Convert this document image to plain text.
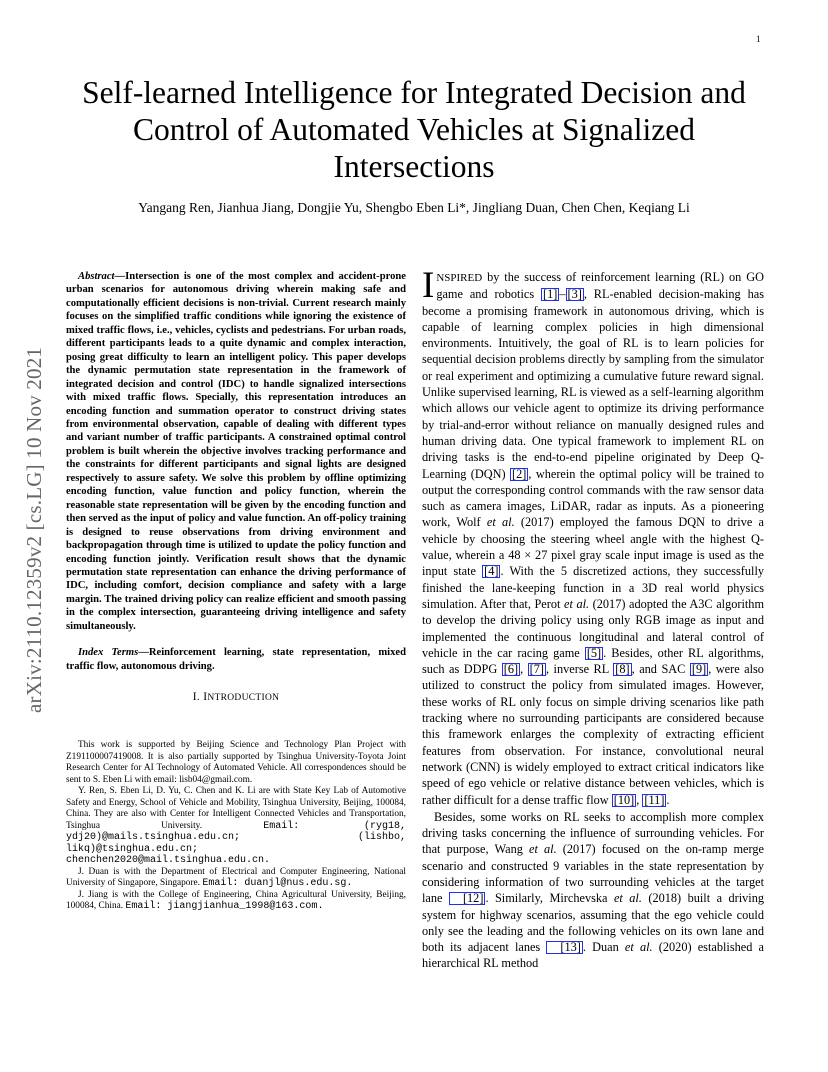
1
arXiv:2110.12359v2 [cs.LG] 10 Nov 2021
Self-learned Intelligence for Integrated Decision and Control of Automated Vehicles at Signalized Intersections
Yangang Ren, Jianhua Jiang, Dongjie Yu, Shengbo Eben Li*, Jingliang Duan, Chen Chen, Keqiang Li

Abstract—Intersection is one of the most complex and accident-prone urban scenarios for autonomous driving wherein making safe and computationally efficient decisions is non-trivial. Current research mainly focuses on the simplified traffic conditions while ignoring the existence of mixed traffic flows, i.e., vehicles, cyclists and pedestrians. For urban roads, different participants leads to a quite dynamic and complex interaction, posing great difficulty to learn an intelligent policy. This paper develops the dynamic permutation state representation in the framework of integrated decision and control (IDC) to handle signalized intersections with mixed traffic flows. Specially, this representation introduces an encoding function and summation operator to construct driving states from environmental observation, capable of dealing with different types and variant number of traffic participants. A constrained optimal control problem is built wherein the objective involves tracking performance and the constraints for different participants and signal lights are designed respectively to assure safety. We solve this problem by offline optimizing encoding function, value function and policy function, wherein the reasonable state representation will be given by the encoding function and then served as the input of policy and value function. An off-policy training is designed to reuse observations from driving environment and backpropagation through time is utilized to update the policy function and encoding function jointly. Verification result shows that the dynamic permutation state representation can enhance the driving performance of IDC, including comfort, decision compliance and safety with a large margin. The trained driving policy can realize efficient and smooth passing in the complex intersection, guaranteeing driving intelligence and safety simultaneously.

Index Terms—Reinforcement learning, state representation, mixed traffic flow, autonomous driving.

I. INTRODUCTION

This work is supported by Beijing Science and Technology Plan Project with Z191100007419008. It is also partially supported by Tsinghua University-Toyota Joint Research Center for AI Technology of Automated Vehicle. All correspondences should be sent to S. Eben Li with email: lisb04@gmail.com.

Y. Ren, S. Eben Li, D. Yu, C. Chen and K. Li are with State Key Lab of Automotive Safety and Energy, School of Vehicle and Mobility, Tsinghua University, Beijing, 100084, China. They are also with Center for Intelligent Connected Vehicles and Transportation, Tsinghua University.	Email: (ryg18, ydj20)@mails.tsinghua.edu.cn; (lishbo, likq)@tsinghua.edu.cn; chenchen2020@mail.tsinghua.edu.cn.

J. Duan is with the Department of Electrical and Computer Engineering, National University of Singapore, Singapore. Email: duanjl@nus.edu.sg.

J. Jiang is with the College of Engineering, China Agricultural University, Beijing, 100084, China. Email: jiangjianhua_1998@163.com.

INSPIRED by the success of reinforcement learning (RL) on GO game and robotics [1] – [3] , RL-enabled decision-making has become a promising framework in autonomous driving, which is capable of learning complex policies in high dimensional environments. Intuitively, the goal of RL is to learn policies for sequential decision problems directly by sampling from the simulator or real experiment and optimizing a cumulative future reward signal. Unlike supervised learning, RL is viewed as a self-learning algorithm which allows our vehicle agent to optimize its driving performance by trial-and-error without reliance on manually designed rules and human driving data. One typical framework to implement RL on driving tasks is the end-to-end pipeline originated by Deep Q-Learning (DQN) [2] , wherein the optimal policy will be trained to output the corresponding control commands with the raw sensor data such as camera images, LiDAR, radar as inputs. As a pioneering work, Wolf et al. (2017) employed the famous DQN to drive a vehicle by choosing the steering wheel angle with the highest Q-value, wherein a 48 × 27 pixel gray scale input image is used as the input state [4] . With the 5 discretized actions, they successfully finished the lane-keeping function in a 3D real world physics simulation. After that, Perot et al. (2017) adopted the A3C algorithm to develop the driving policy using only RGB image as input and implemented the continuous longitudinal and lateral control of vehicle in the car racing game [5] . Besides, other RL algorithms, such as DDPG [6] , [7] , inverse RL [8] , and SAC [9] , were also utilized to construct the policy from simulated images. However, these works of RL only focus on simple driving scenarios like path tracking where no surrounding participants are considered because this framework enlarges the complexity of extracting efficient features from observation. For instance, convolutional neural network (CNN) is widely employed to extract critical indicators like speed of ego vehicle or relative distance between vehicles, which is rather difficult for a dense traffic flow [10] , [11] .

Besides, some works on RL seeks to accomplish more complex driving tasks concerning the influence of surrounding vehicles. For that purpose, Wang et al. (2017) focused on the on-ramp merge scenario and constructed 9 variables in the state representation by considering information of two surrounding vehicles at the target lane [12] . Similarly, Mirchevska et al. (2018) built a driving system for highway scenarios, assuming that the ego vehicle could only see the leading and the following vehicles on its own lane and both its adjacent lanes [13] . Duan et al. (2020) established a hierarchical RL method
